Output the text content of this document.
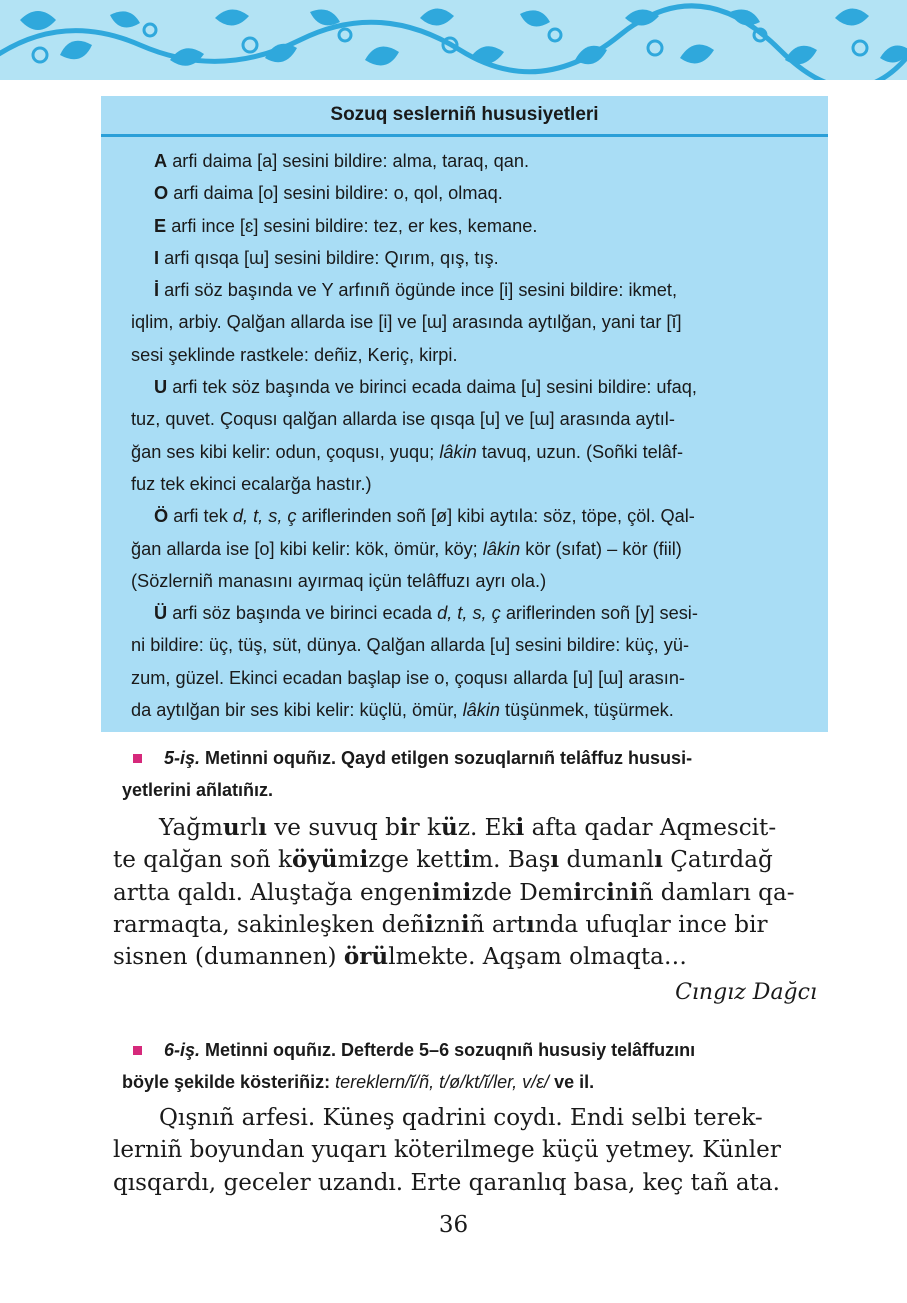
Sozuq seslerniñ hususiyetleri

A arfi daima [a] sesini bildire: alma, taraq, qan.

O arfi daima [o] sesini bildire: o, qol, olmaq.

E arfi ince [ɛ] sesini bildire: tez, er kes, kemane.

I arfi qısqa [ɯ] sesini bildire: Qırım, qış, tış.

İ arfi söz başında ve Y arfınıñ ögünde ince [i] sesini bildire: ikmet,
iqlim, arbiy. Qalğan allarda ise [i] ve [ɯ] arasında aytılğan, yani tar [ĭ]
sesi şeklinde rastkele: deñiz, Keriç, kirpi.

U arfi tek söz başında ve birinci ecada daima [u] sesini bildire: ufaq,
tuz, quvet. Çoqusı qalğan allarda ise qısqa [u] ve [ɯ] arasında aytıl-
ğan ses kibi kelir: odun, çoqusı, yuqu; lâkin tavuq, uzun. (Soñki telâf-
fuz tek ekinci ecalarğa hastır.)

Ö arfi tek d, t, s, ç ariflerinden soñ [ø] kibi aytıla: söz, töpe, çöl. Qal-
ğan allarda ise [o] kibi kelir: kök, ömür, köy; lâkin kör (sıfat) – kör (fiil)
(Sözlerniñ manasını ayırmaq içün telâffuzı ayrı ola.)

Ü arfi söz başında ve birinci ecada d, t, s, ç ariflerinden soñ [y] sesi-
ni bildire: üç, tüş, süt, dünya. Qalğan allarda [u] sesini bildire: küç, yü-
zum, güzel. Ekinci ecadan başlap ise o, çoqusı allarda [u] [ɯ] arasın-
da aytılğan bir ses kibi kelir: küçlü, ömür, lâkin tüşünmek, tüşürmek.

5-iş. Metinni oquñız. Qayd etilgen sozuqlarnıñ telâffuz hususi-
yetlerini añlatıñız.
Yağmurlı ve suvuq bir küz. Eki afta qadar Aqmescit-
te qalğan soñ köyümizge kettim. Başı dumanlı Çatırdağ
artta qaldı. Aluştağa engenimizde Demirciniñ damları qa-
rarmaqta, sakinleşken deñizniñ artında ufuqlar ince bir
sisnen (dumannen) örülmekte. Aqşam olmaqta…
Cıngız Dağcı
6-iş. Metinni oquñız. Defterde 5–6 sozuqnıñ hususiy telâffuzını
böyle şekilde kösteriñiz: tereklern/ĭ/ñ, t/ø/kt/ĭ/ler, v/ɛ/ ve il.
Qışnıñ arfesi. Küneş qadrini coydı. Endi selbi terek-
lerniñ boyundan yuqarı köterilmege küçü yetmey. Künler
qısqardı, geceler uzandı. Erte qaranlıq basa, keç tañ ata.
36
